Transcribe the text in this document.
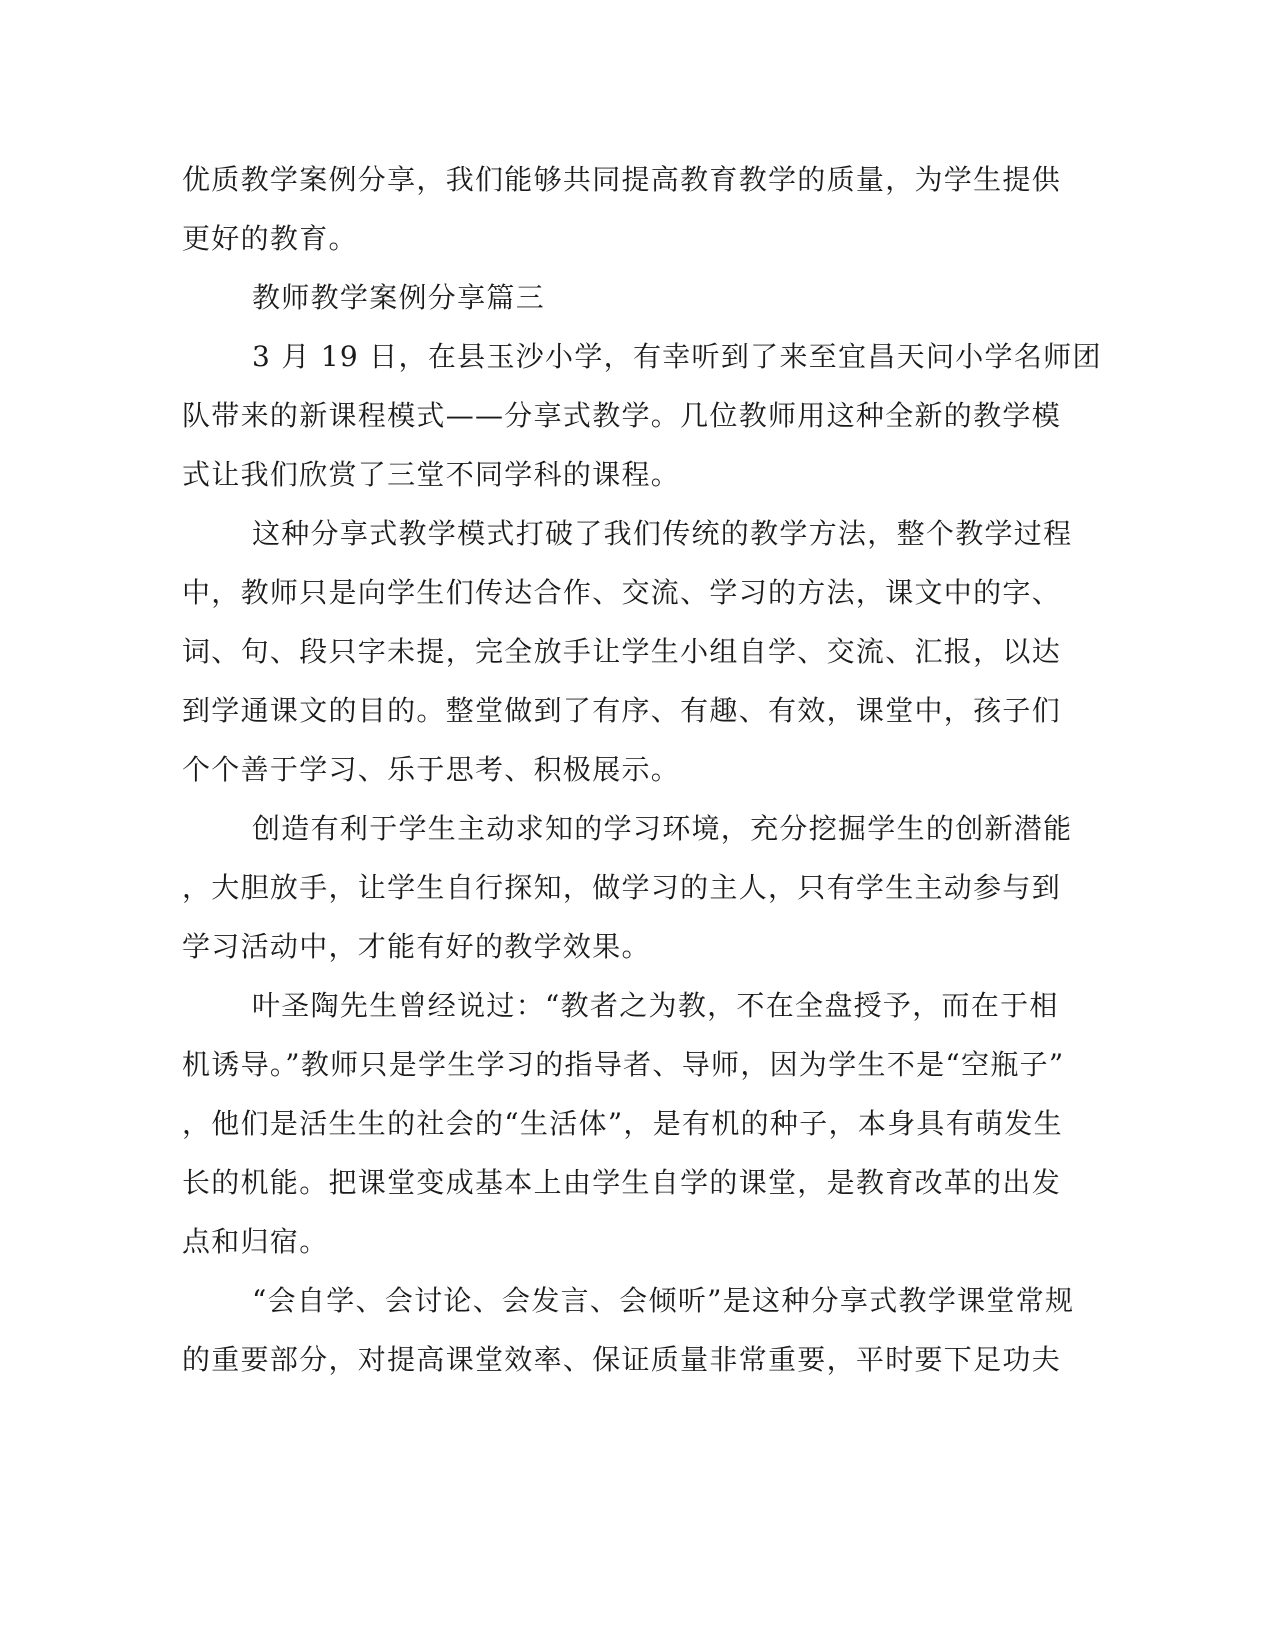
优质教学案例分享，我们能够共同提高教育教学的质量，为学生提供
更好的教育。
教师教学案例分享篇三
3 月 19 日，在县玉沙小学，有幸听到了来至宜昌天问小学名师团
队带来的新课程模式——分享式教学。几位教师用这种全新的教学模
式让我们欣赏了三堂不同学科的课程。
这种分享式教学模式打破了我们传统的教学方法，整个教学过程
中，教师只是向学生们传达合作、交流、学习的方法，课文中的字、
词、句、段只字未提，完全放手让学生小组自学、交流、汇报，以达
到学通课文的目的。整堂做到了有序、有趣、有效，课堂中，孩子们
个个善于学习、乐于思考、积极展示。
创造有利于学生主动求知的学习环境，充分挖掘学生的创新潜能
，大胆放手，让学生自行探知，做学习的主人，只有学生主动参与到
学习活动中，才能有好的教学效果。
叶圣陶先生曾经说过：“教者之为教，不在全盘授予，而在于相
机诱导。”教师只是学生学习的指导者、导师，因为学生不是“空瓶子”
，他们是活生生的社会的“生活体”，是有机的种子，本身具有萌发生
长的机能。把课堂变成基本上由学生自学的课堂，是教育改革的出发
点和归宿。
“会自学、会讨论、会发言、会倾听”是这种分享式教学课堂常规
的重要部分，对提高课堂效率、保证质量非常重要，平时要下足功夫
